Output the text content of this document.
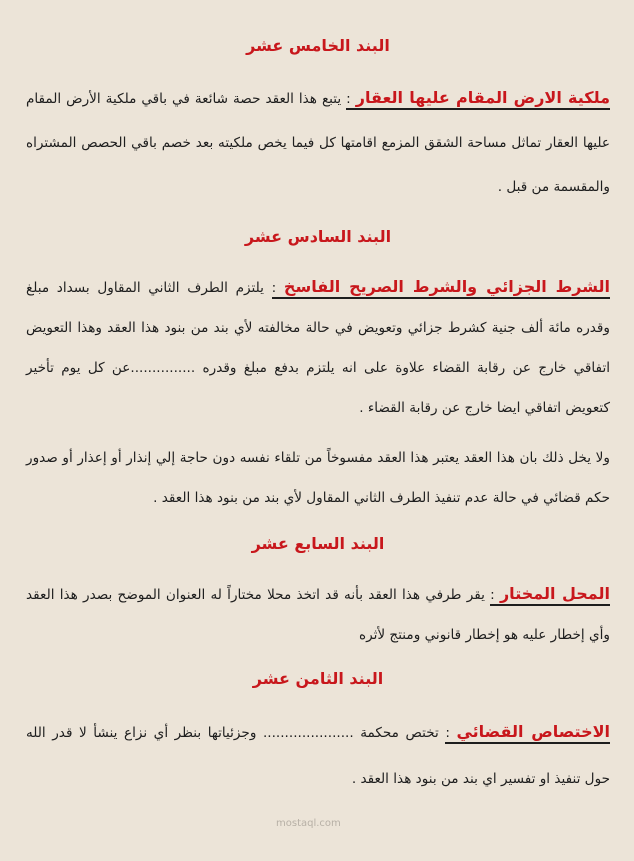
البند الخامس عشر
ملكية الارض المقام عليها العقار : يتبع هذا العقد حصة شائعة في باقي ملكية الأرض المقام عليها العقار تماثل مساحة الشقق المزمع اقامتها كل فيما يخص ملكيته بعد خصم باقي الحصص المشتراه والمقسمة من قبل .
البند السادس عشر
الشرط الجزائي والشرط الصريح الفاسخ : يلتزم الطرف الثاني المقاول بسداد مبلغ وقدره مائة ألف جنية كشرط جزائي وتعويض في حالة مخالفته لأي بند من بنود هذا العقد وهذا التعويض اتفاقي خارج عن رقابة القضاء علاوة على انه يلتزم بدفع مبلغ وقدره ...............عن كل يوم تأخير كتعويض اتفاقي ايضا خارج عن رقابة القضاء .
ولا يخل ذلك بان هذا العقد يعتبر هذا العقد مفسوخاً من تلقاء نفسه دون حاجة إلي إنذار أو إعذار أو صدور حكم قضائي في حالة عدم تنفيذ الطرف الثاني المقاول لأي بند من بنود هذا العقد .
البند السابع عشر
المحل المختار : يقر طرفي هذا العقد بأنه قد اتخذ محلا مختاراً له العنوان الموضح بصدر هذا العقد وأي إخطار عليه هو إخطار قانوني ومنتج لأثره
البند الثامن عشر
الاختصاص القضائي : تختص محكمة ..................... وجزئياتها بنظر أي نزاع ينشأ لا قدر الله حول تنفيذ او تفسير اي بند من بنود هذا العقد .
mostaql.com
